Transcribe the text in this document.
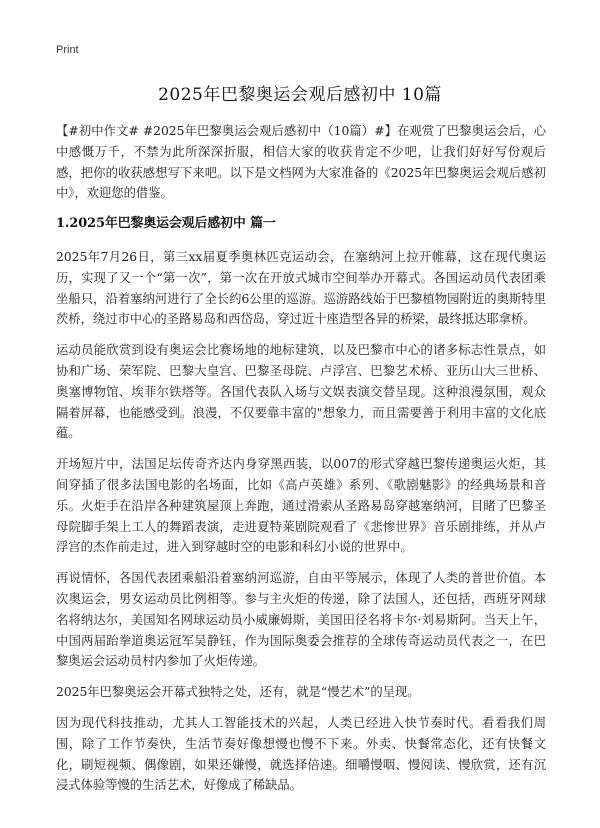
Print
2025年巴黎奥运会观后感初中 10篇

【#初中作文# #2025年巴黎奥运会观后感初中（10篇）#】在观赏了巴黎奥运会后，心中感慨万千，不禁为此所深深折服，相信大家的收获肯定不少吧，让我们好好写份观后感，把你的收获感想写下来吧。以下是文档网为大家准备的《2025年巴黎奥运会观后感初中》，欢迎您的借鉴。

1.2025年巴黎奥运会观后感初中 篇一

2025年7月26日，第三xx届夏季奥林匹克运动会，在塞纳河上拉开帷幕，这在现代奥运历，实现了又一个“第一次”，第一次在开放式城市空间举办开幕式。各国运动员代表团乘坐船只，沿着塞纳河进行了全长约6公里的巡游。巡游路线始于巴黎植物园附近的奥斯特里茨桥，绕过市中心的圣路易岛和西岱岛，穿过近十座造型各异的桥梁，最终抵达耶拿桥。

运动员能欣赏到设有奥运会比赛场地的地标建筑，以及巴黎市中心的诸多标志性景点，如协和广场、荣军院、巴黎大皇宫、巴黎圣母院、卢浮宫、巴黎艺术桥、亚历山大三世桥、奥塞博物馆、埃菲尔铁塔等。各国代表队入场与文娱表演交替呈现。这种浪漫氛围，观众隔着屏幕，也能感受到。浪漫，不仅要靠丰富的"想象力，而且需要善于利用丰富的文化底蕴。

开场短片中，法国足坛传奇齐达内身穿黑西装，以007的形式穿越巴黎传递奥运火炬，其间穿插了很多法国电影的名场面，比如《高卢英雄》系列、《歌剧魅影》的经典场景和音乐。火炬手在沿岸各种建筑屋顶上奔跑，通过滑索从圣路易岛穿越塞纳河，目睹了巴黎圣母院脚手架上工人的舞蹈表演，走进夏特莱剧院观看了《悲惨世界》音乐剧排练，并从卢浮宫的杰作前走过，进入到穿越时空的电影和科幻小说的世界中。

再说情怀，各国代表团乘船沿着塞纳河巡游，自由平等展示，体现了人类的普世价值。本次奥运会，男女运动员比例相等。参与主火炬的传递，除了法国人，还包括，西班牙网球名将纳达尔，美国知名网球运动员小威廉姆斯，美国田径名将卡尔·刘易斯阿。当天上午，中国两届跆拳道奥运冠军吴静钰，作为国际奥委会推荐的全球传奇运动员代表之一，在巴黎奥运会运动员村内参加了火炬传递。

2025年巴黎奥运会开幕式独特之处，还有，就是“慢艺术”的呈现。

因为现代科技推动，尤其人工智能技术的兴起，人类已经进入快节奏时代。看看我们周围，除了工作节奏快，生活节奏好像想慢也慢不下来。外卖、快餐常态化，还有快餐文化，刷短视频、偶像剧，如果还嫌慢，就选择倍速。细嚼慢咽、慢阅读、慢欣赏，还有沉浸式体验等慢的生活艺术，好像成了稀缺品。
